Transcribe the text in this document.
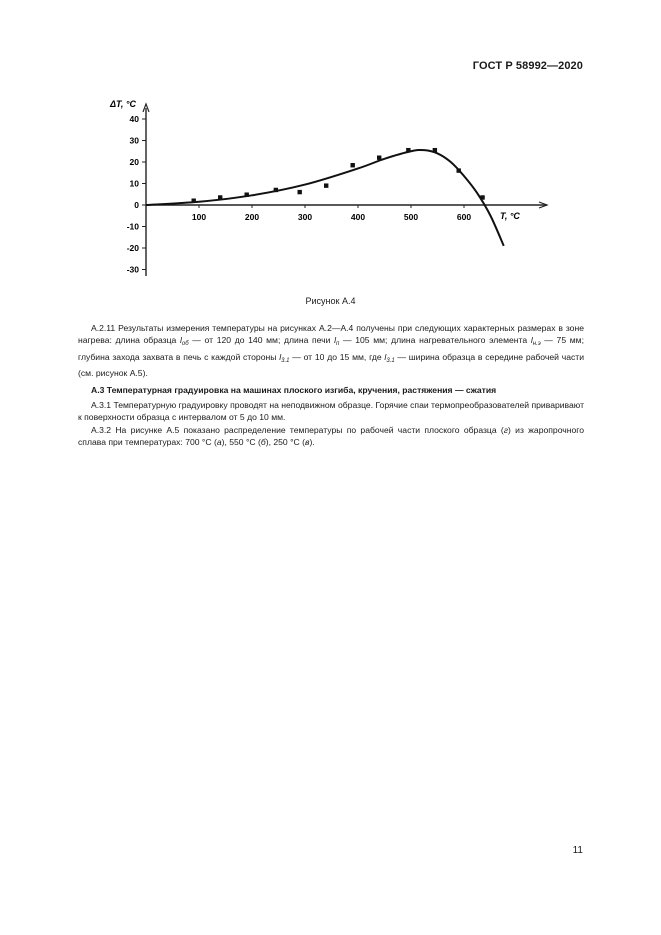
ГОСТ Р 58992—2020
40
30
20
10
0
-10
-20
-30
100	200	300	400	500	600
ΔT, °C
T, °C
Рисунок А.4

А.2.11 Результаты измерения температуры на рисунках А.2—А.4 получены при следующих характерных размерах в зоне нагрева: длина образца $l_{об}$ — от 120 до 140 мм; длина печи $l_п$ — 105 мм; длина нагревательного элемента $l_{н.э}$ — 75 мм; глубина захода захвата в печь с каждой стороны $l_{3.1}$ — от 10 до 15 мм, где $l_{3.1}$ — ширина образца в середине рабочей части (см. рисунок А.5).

А.3 Температурная градуировка на машинах плоского изгиба, кручения, растяжения — сжатия

А.3.1 Температурную градуировку проводят на неподвижном образце. Горячие спаи термопреобразователей приваривают к поверхности образца с интервалом от 5 до 10 мм.

А.3.2 На рисунке А.5 показано распределение температуры по рабочей части плоского образца (г) из жаропрочного сплава при температурах: 700 °C (а), 550 °C (б), 250 °C (в).

11
